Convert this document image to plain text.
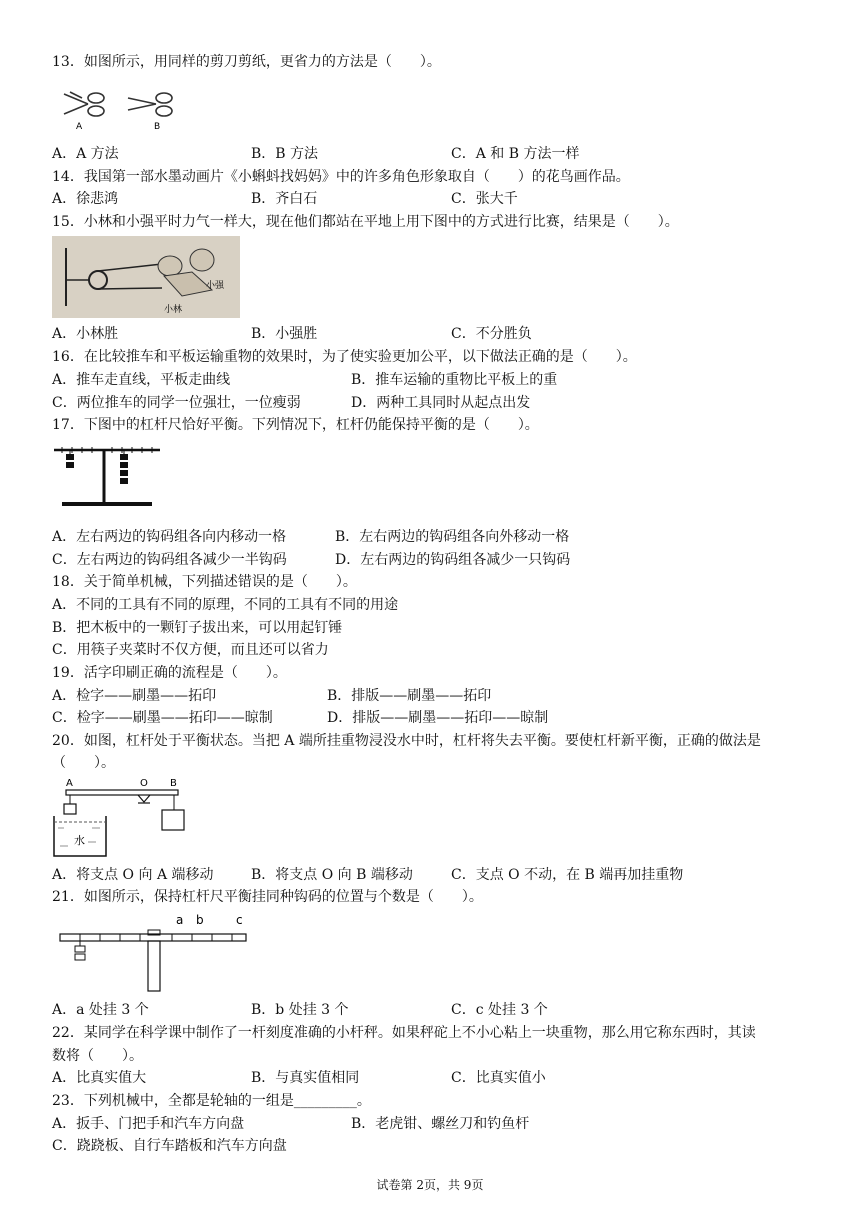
13．如图所示，用同样的剪刀剪纸，更省力的方法是（　　）。
A	B
A．A 方法	B．B 方法	C．A 和 B 方法一样
14．我国第一部水墨动画片《小蝌蚪找妈妈》中的许多角色形象取自（　　）的花鸟画作品。
A．徐悲鸿	B．齐白石	C．张大千
15．小林和小强平时力气一样大，现在他们都站在平地上用下图中的方式进行比赛，结果是（　　）。
小强
小林
A．小林胜	B．小强胜	C．不分胜负
16．在比较推车和平板运输重物的效果时，为了使实验更加公平，以下做法正确的是（　　）。
A．推车走直线，平板走曲线	B．推车运输的重物比平板上的重
C．两位推车的同学一位强壮，一位瘦弱	D．两种工具同时从起点出发
17．下图中的杠杆尺恰好平衡。下列情况下，杠杆仍能保持平衡的是（　　）。
A．左右两边的钩码组各向内移动一格	B．左右两边的钩码组各向外移动一格
C．左右两边的钩码组各减少一半钩码	D．左右两边的钩码组各减少一只钩码
18．关于简单机械，下列描述错误的是（　　）。
A．不同的工具有不同的原理，不同的工具有不同的用途
B．把木板中的一颗钉子拔出来，可以用起钉锤
C．用筷子夹菜时不仅方便，而且还可以省力
19．活字印刷正确的流程是（　　）。
A．检字——刷墨——拓印	B．排版——刷墨——拓印
C．检字——刷墨——拓印——晾制	D．排版——刷墨——拓印——晾制
20．如图，杠杆处于平衡状态。当把 A 端所挂重物浸没水中时，杠杆将失去平衡。要使杠杆新平衡，正确的做法是
（　　）。
A	O B
水
A．将支点 O 向 A 端移动	B．将支点 O 向 B 端移动	C．支点 O 不动，在 B 端再加挂重物
21．如图所示，保持杠杆尺平衡挂同种钩码的位置与个数是（　　）。
a b	c
A．a 处挂 3 个	B．b 处挂 3 个	C．c 处挂 3 个
22．某同学在科学课中制作了一杆刻度准确的小杆秤。如果秤砣上不小心粘上一块重物，那么用它称东西时，其读
数将（　　）。
A．比真实值大	B．与真实值相同	C．比真实值小
23．下列机械中，全都是轮轴的一组是_________。
A．扳手、门把手和汽车方向盘	B．老虎钳、螺丝刀和钓鱼杆
C．跷跷板、自行车踏板和汽车方向盘
试卷第 2页，共 9页
